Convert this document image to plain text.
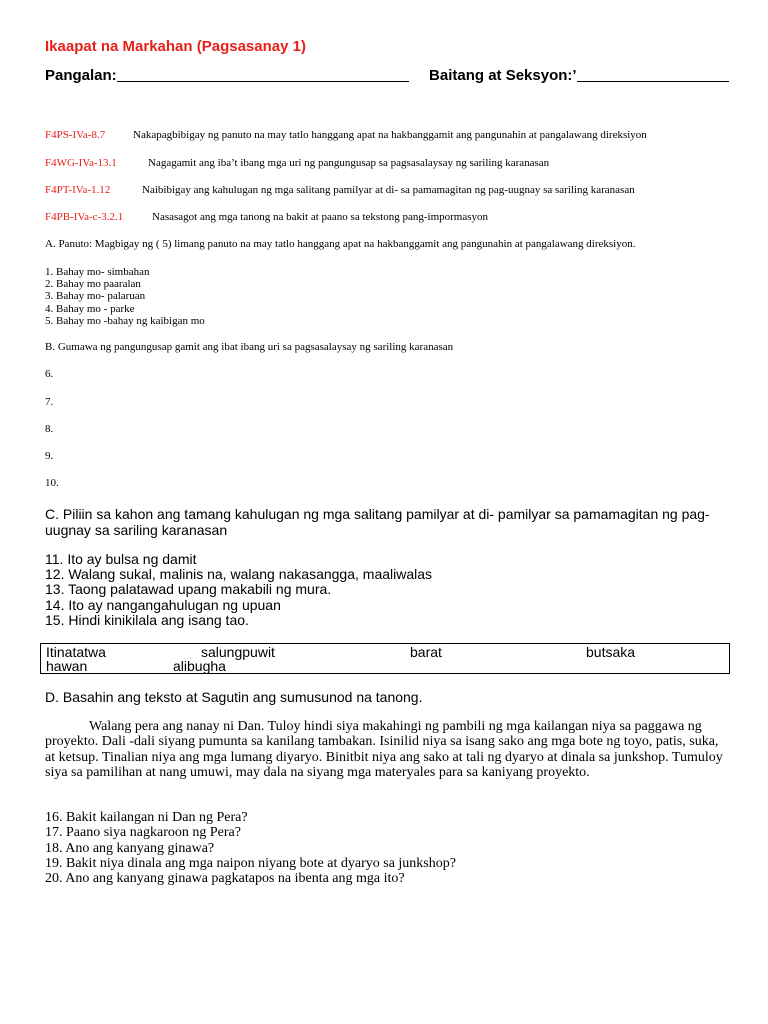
Ikaapat na Markahan (Pagsasanay 1)
Pangalan:	Baitang at Seksyon:’
F4PS-IVa-8.7	Nakapagbibigay ng panuto na may tatlo hanggang apat na hakbanggamit ang pangunahin at pangalawang direksiyon
F4WG-IVa-13.1	Nagagamit ang iba’t ibang mga uri ng pangungusap sa pagsasalaysay ng sariling karanasan
F4PT-IVa-1.12	Naibibigay ang kahulugan ng mga salitang pamilyar at di- sa pamamagitan ng pag-uugnay sa sariling karanasan
F4PB-IVa-c-3.2.1	Nasasagot ang mga tanong na bakit at paano sa tekstong pang-impormasyon
A. Panuto: Magbigay ng ( 5) limang panuto na may tatlo hanggang apat na hakbanggamit ang pangunahin at pangalawang direksiyon.
1. Bahay mo- simbahan
2. Bahay mo paaralan
3. Bahay mo- palaruan
4. Bahay mo - parke
5. Bahay mo -bahay ng kaibigan mo
B. Gumawa ng pangungusap gamit ang ibat ibang uri sa pagsasalaysay ng sariling karanasan
6.
7.
8.
9.
10.
C. Piliin sa kahon ang tamang kahulugan ng mga salitang pamilyar at di- pamilyar sa pamamagitan ng pag-uugnay sa sariling karanasan
11. Ito ay bulsa ng damit
12. Walang sukal, malinis na, walang nakasangga, maaliwalas
13. Taong palatawad upang makabili ng mura.
14. Ito ay nangangahulugan ng upuan
15. Hindi kinikilala ang isang tao.
Itinatatwa	salungpuwit	barat	butsaka
hawan	alibugha
D. Basahin ang teksto at Sagutin ang sumusunod na tanong.
Walang pera ang nanay ni Dan. Tuloy hindi siya makahingi ng pambili ng mga kailangan niya sa paggawa ng proyekto. Dali -dali siyang pumunta sa kanilang tambakan. Isinilid niya sa isang sako ang mga bote ng toyo, patis, suka, at ketsup. Tinalian niya ang mga lumang diyaryo. Binitbit niya ang sako at tali ng dyaryo at dinala sa junkshop. Tumuloy siya sa pamilihan at nang umuwi, may dala na siyang mga materyales para sa kaniyang proyekto.
16. Bakit kailangan ni Dan ng Pera?
17. Paano siya nagkaroon ng Pera?
18. Ano ang kanyang ginawa?
19. Bakit niya dinala ang mga naipon niyang bote at dyaryo sa junkshop?
20. Ano ang kanyang ginawa pagkatapos na ibenta ang mga ito?
